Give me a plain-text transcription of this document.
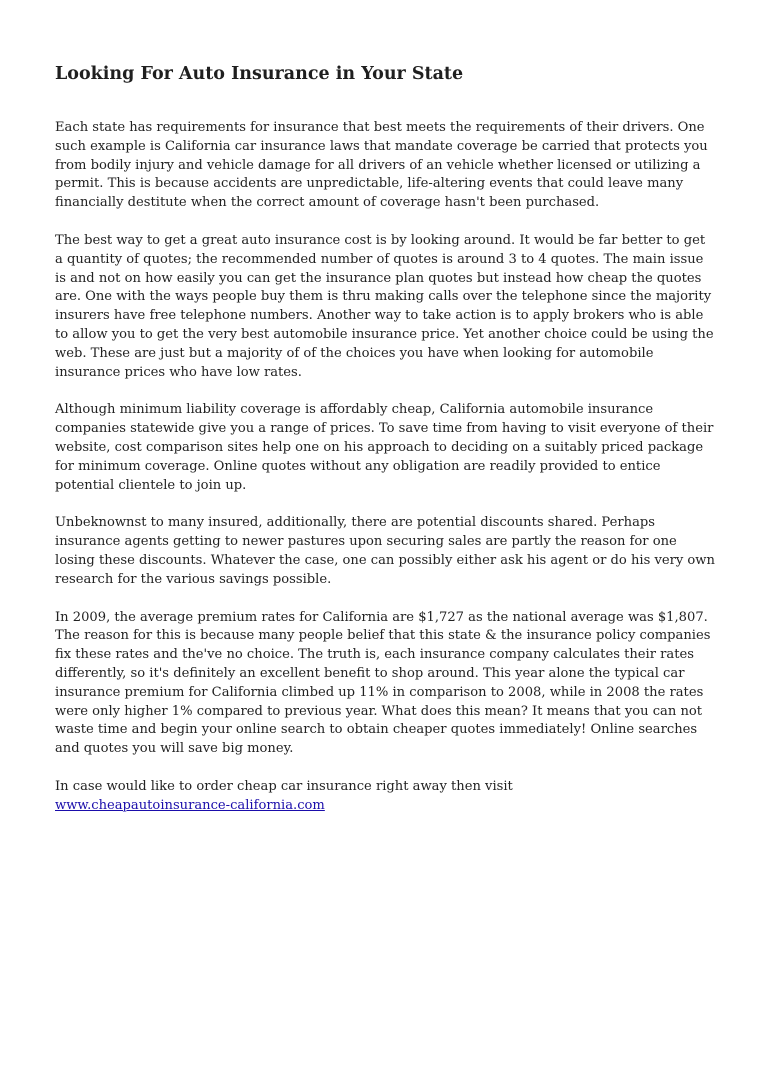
Looking For Auto Insurance in Your State

Each state has requirements for insurance that best meets the requirements of their drivers. One such example is California car insurance laws that mandate coverage be carried that protects you from bodily injury and vehicle damage for all drivers of an vehicle whether licensed or utilizing a permit. This is because accidents are unpredictable, life-altering events that could leave many financially destitute when the correct amount of coverage hasn't been purchased.

The best way to get a great auto insurance cost is by looking around. It would be far better to get a quantity of quotes; the recommended number of quotes is around 3 to 4 quotes. The main issue is and not on how easily you can get the insurance plan quotes but instead how cheap the quotes are. One with the ways people buy them is thru making calls over the telephone since the majority insurers have free telephone numbers. Another way to take action is to apply brokers who is able to allow you to get the very best automobile insurance price. Yet another choice could be using the web. These are just but a majority of of the choices you have when looking for automobile insurance prices who have low rates.

Although minimum liability coverage is affordably cheap, California automobile insurance companies statewide give you a range of prices. To save time from having to visit everyone of their website, cost comparison sites help one on his approach to deciding on a suitably priced package for minimum coverage. Online quotes without any obligation are readily provided to entice potential clientele to join up.

Unbeknownst to many insured, additionally, there are potential discounts shared. Perhaps insurance agents getting to newer pastures upon securing sales are partly the reason for one losing these discounts. Whatever the case, one can possibly either ask his agent or do his very own research for the various savings possible.

In 2009, the average premium rates for California are $1,727 as the national average was $1,807. The reason for this is because many people belief that this state & the insurance policy companies fix these rates and the've no choice. The truth is, each insurance company calculates their rates differently, so it's definitely an excellent benefit to shop around. This year alone the typical car insurance premium for California climbed up 11% in comparison to 2008, while in 2008 the rates were only higher 1% compared to previous year. What does this mean? It means that you can not waste time and begin your online search to obtain cheaper quotes immediately! Online searches and quotes you will save big money.

In case would like to order cheap car insurance right away then visit
www.cheapautoinsurance-california.com
